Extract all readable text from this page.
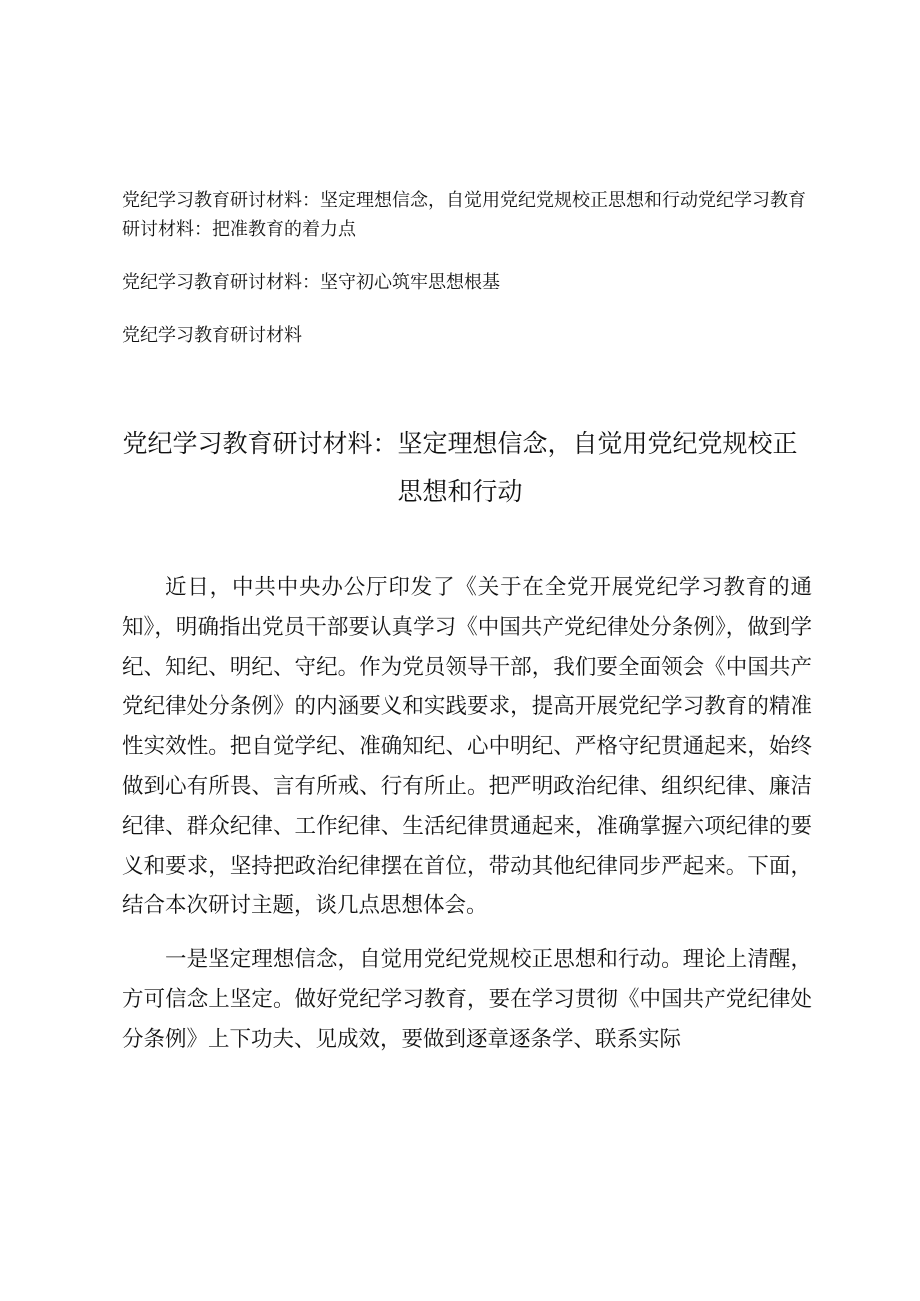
党纪学习教育研讨材料：坚定理想信念，自觉用党纪党规校正思想和行动党纪学习教育研讨材料：把准教育的着力点

党纪学习教育研讨材料：坚守初心筑牢思想根基

党纪学习教育研讨材料

党纪学习教育研讨材料：坚定理想信念，自觉用党纪党规校正思想和行动

近日，中共中央办公厅印发了《关于在全党开展党纪学习教育的通知》，明确指出党员干部要认真学习《中国共产党纪律处分条例》，做到学纪、知纪、明纪、守纪。作为党员领导干部，我们要全面领会《中国共产党纪律处分条例》的内涵要义和实践要求，提高开展党纪学习教育的精准性实效性。把自觉学纪、准确知纪、心中明纪、严格守纪贯通起来，始终做到心有所畏、言有所戒、行有所止。把严明政治纪律、组织纪律、廉洁纪律、群众纪律、工作纪律、生活纪律贯通起来，准确掌握六项纪律的要义和要求，坚持把政治纪律摆在首位，带动其他纪律同步严起来。下面，结合本次研讨主题，谈几点思想体会。

一是坚定理想信念，自觉用党纪党规校正思想和行动。理论上清醒，方可信念上坚定。做好党纪学习教育，要在学习贯彻《中国共产党纪律处分条例》上下功夫、见成效，要做到逐章逐条学、联系实际
